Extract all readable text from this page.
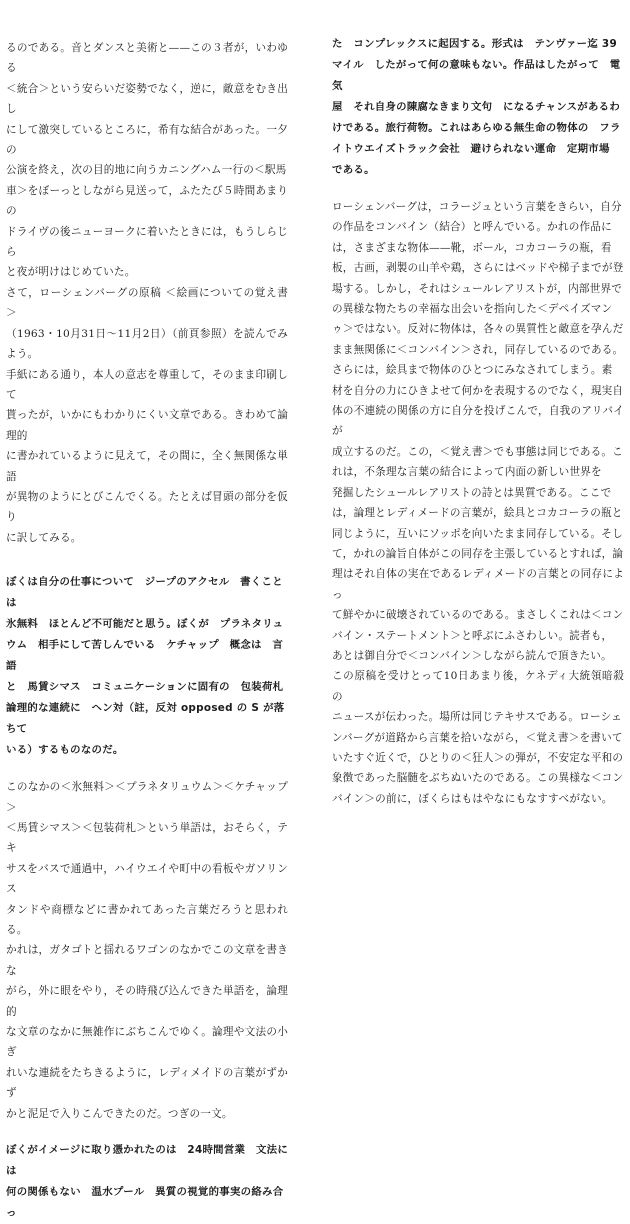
るのである。音とダンスと美術と——この３者が，いわゆる
＜統合＞という安らいだ姿勢でなく，逆に，敵意をむき出し
にして激突しているところに，希有な結合があった。一夕の
公演を終え，次の目的地に向うカニングハム一行の＜駅馬
車＞をぼーっとしながら見送って，ふたたび５時間あまりの
ドライヴの後ニューヨークに着いたときには，もうしらじら
と夜が明けはじめていた。

さて，ローシェンバーグの原稿 ＜絵画についての覚え書＞
（1963・10月31日〜11月2日）（前頁参照）を読んでみよう。
手紙にある通り，本人の意志を尊重して，そのまま印刷して
貰ったが，いかにもわかりにくい文章である。きわめて論理的
に書かれているように見えて，その間に，全く無関係な単語
が異物のようにとびこんでくる。たとえば冒頭の部分を仮り
に訳してみる。

ぼくは自分の仕事について　ジープのアクセル　書くことは
氷無料　ほとんど不可能だと思う。ぼくが　プラネタリュ
ウム　相手にして苦しんでいる　ケチャップ　概念は　言語
と　馬賃シマス　コミュニケーションに固有の　包装荷札
論理的な連続に　ヘン対（註，反対 opposed の S が落ちて
いる）するものなのだ。

このなかの＜氷無料＞＜プラネタリュウム＞＜ケチャップ＞
＜馬賃シマス＞＜包装荷札＞という単語は，おそらく，テキ
サスをバスで通過中，ハイウエイや町中の看板やガソリンス
タンドや商標などに書かれてあった言葉だろうと思われる。
かれは，ガタゴトと揺れるワゴンのなかでこの文章を書きな
がら，外に眼をやり，その時飛び込んできた単語を，論理的
な文章のなかに無雑作にぶちこんでゆく。論理や文法の小ぎ
れいな連続をたちきるように，レディメイドの言葉がずかず
かと泥足で入りこんできたのだ。つぎの一文。

ぼくがイメージに取り憑かれたのは　24時間営業　文法には
何の関係もない　温水プール　異質の視覚的事実の絡み合っ

た　コンプレックスに起因する。形式は　テンヴァー迄 39
マイル　したがって何の意味もない。作品はしたがって　電気
屋　それ自身の陳腐なきまり文句　になるチャンスがあるわ
けである。旅行荷物。これはあらゆる無生命の物体の　フラ
イトウエイズトラック会社　避けられない運命　定期市場
である。

ローシェンバーグは，コラージュという言葉をきらい，自分
の作品をコンバイン（結合）と呼んでいる。かれの作品に
は，さまざまな物体——靴，ボール，コカコーラの瓶，看
板，古画，剥製の山羊や鶏，さらにはベッドや梯子までが登
場する。しかし，それはシュールレアリストが，内部世界で
の異様な物たちの幸福な出会いを指向した＜デペイズマン
ゥ＞ではない。反対に物体は，各々の異質性と敵意を孕んだ
まま無関係に＜コンバイン＞され，同存しているのである。
さらには，絵具まで物体のひとつにみなされてしまう。素
材を自分の力にひきよせて何かを表現するのでなく，現実自
体の不連続の関係の方に自分を投げこんで，自我のアリバイが
成立するのだ。この，＜覚え書＞でも事態は同じである。こ
れは，不条理な言葉の結合によって内面の新しい世界を
発掘したシュールレアリストの詩とは異質である。ここで
は，論理とレディメードの言葉が，絵具とコカコーラの瓶と
同じように，互いにソッポを向いたまま同存している。そし
て，かれの論旨自体がこの同存を主張しているとすれば，論
理はそれ自体の実在であるレディメードの言葉との同存によっ
て鮮やかに破壊されているのである。まさしくこれは＜コン
バイン・ステートメント＞と呼ぶにふさわしい。読者も，
あとは御自分で＜コンバイン＞しながら読んで頂きたい。

この原稿を受けとって10日あまり後，ケネディ大統領暗殺の
ニュースが伝わった。場所は同じテキサスである。ローシェ
ンバーグが道路から言葉を拾いながら，＜覚え書＞を書いて
いたすぐ近くで，ひとりの＜狂人＞の弾が，不安定な平和の
象徴であった脳髄をぶちぬいたのである。この異様な＜コン
バイン＞の前に，ぼくらはもはやなにもなすすべがない。
